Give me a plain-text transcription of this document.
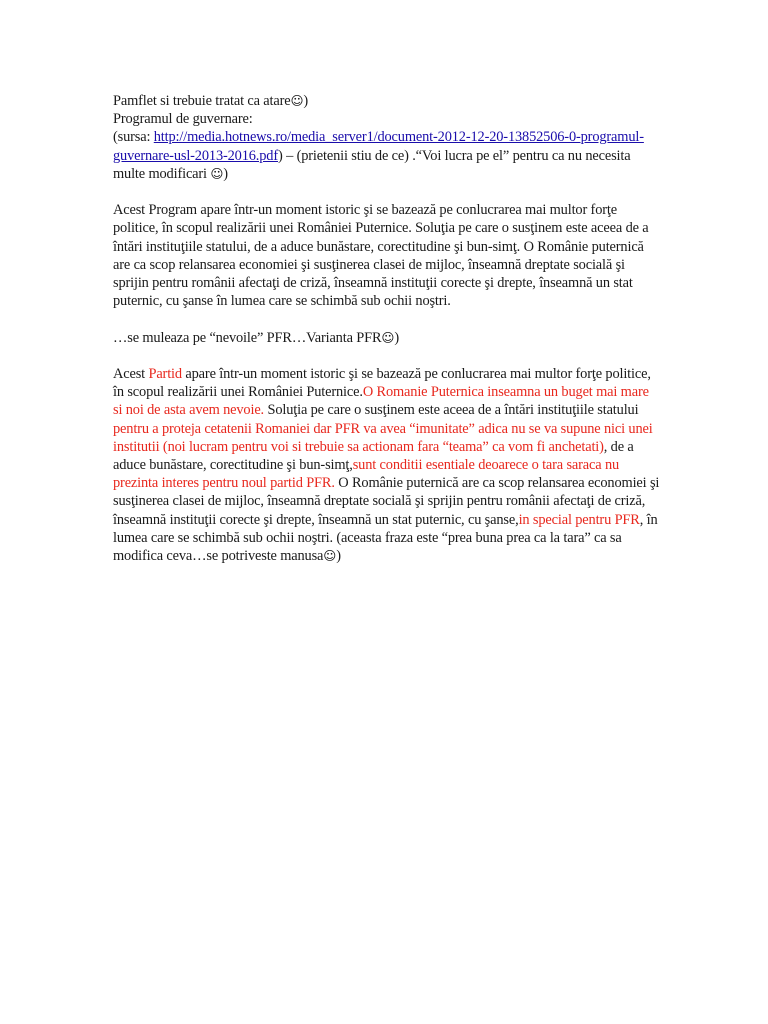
Pamflet si trebuie tratat ca atare☺)
Programul de guvernare:
(sursa: http://media.hotnews.ro/media_server1/document-2012-12-20-13852506-0-programul-guvernare-usl-2013-2016.pdf) – (prietenii stiu de ce) .“Voi lucra pe el” pentru ca nu necesita multe modificari ☺)

Acest Program apare într-un moment istoric şi se bazează pe conlucrarea mai multor forţe politice, în scopul realizării unei României Puternice. Soluţia pe care o susţinem este aceea de a întări instituţiile statului, de a aduce bunăstare, corectitudine şi bun-simţ. O Românie puternică are ca scop relansarea economiei şi susţinerea clasei de mijloc, înseamnă dreptate socială şi sprijin pentru românii afectaţi de criză, înseamnă instituţii corecte şi drepte, înseamnă un stat puternic, cu şanse în lumea care se schimbă sub ochii noştri.

…se muleaza pe “nevoile” PFR…Varianta PFR☺)

Acest Partid apare într-un moment istoric şi se bazează pe conlucrarea mai multor forţe politice, în scopul realizării unei României Puternice.O Romanie Puternica inseamna un buget mai mare si noi de asta avem nevoie. Soluţia pe care o susţinem este aceea de a întări instituţiile statului pentru a proteja cetatenii Romaniei dar PFR va avea “imunitate” adica nu se va supune nici unei institutii (noi lucram pentru voi si trebuie sa actionam fara “teama” ca vom fi anchetati), de a aduce bunăstare, corectitudine şi bun-simţ,sunt conditii esentiale deoarece o tara saraca nu prezinta interes pentru noul partid PFR. O Românie puternică are ca scop relansarea economiei şi susţinerea clasei de mijloc, înseamnă dreptate socială şi sprijin pentru românii afectaţi de criză, înseamnă instituţii corecte şi drepte, înseamnă un stat puternic, cu şanse,in special pentru PFR, în lumea care se schimbă sub ochii noştri. (aceasta fraza este “prea buna prea ca la tara” ca sa modifica ceva…se potriveste manusa☺)
